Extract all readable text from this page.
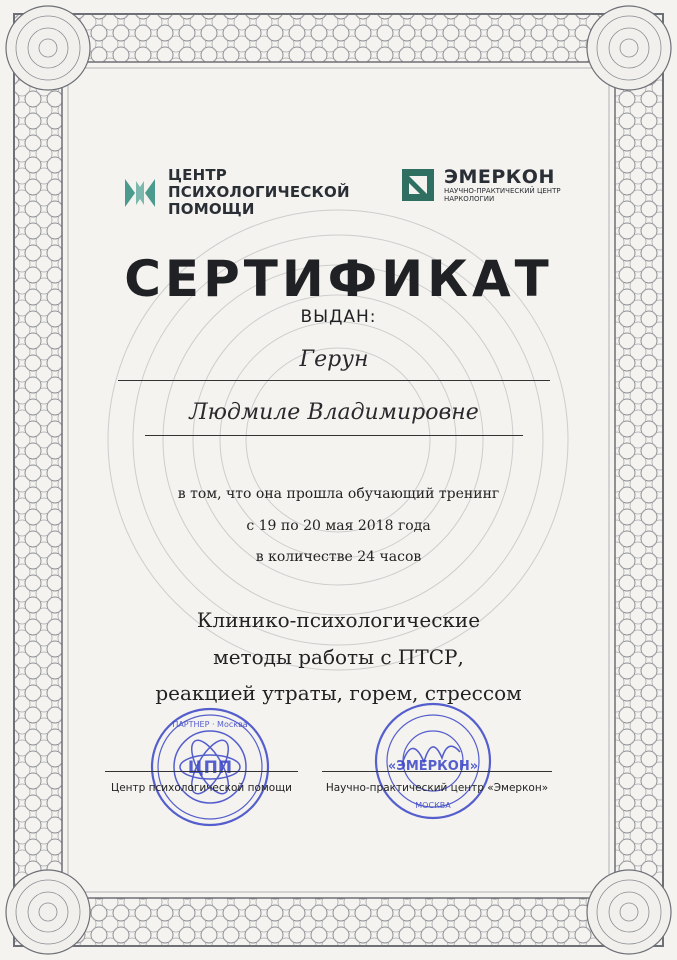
ЦЕНТР ПСИХОЛОГИЧЕСКОЙ
ПОМОЩИ
ЭМЕРКОН
НАУЧНО-ПРАКТИЧЕСКИЙ ЦЕНТР
НАРКОЛОГИИ
СЕРТИФИКАТ
ВЫДАН:
Герун
Людмиле Владимировне
в том, что она прошла обучающий тренинг
с 19 по 20 мая 2018 года
в количестве 24 часов
Клинико-психологические
методы работы с ПТСР,
реакцией утраты, горем, стрессом
ЦПП
ПАРТНЕР · Москва
«ЭМЕРКОН»
МОСКВА
Центр психологической помощи	Научно-практический центр «Эмеркон»
